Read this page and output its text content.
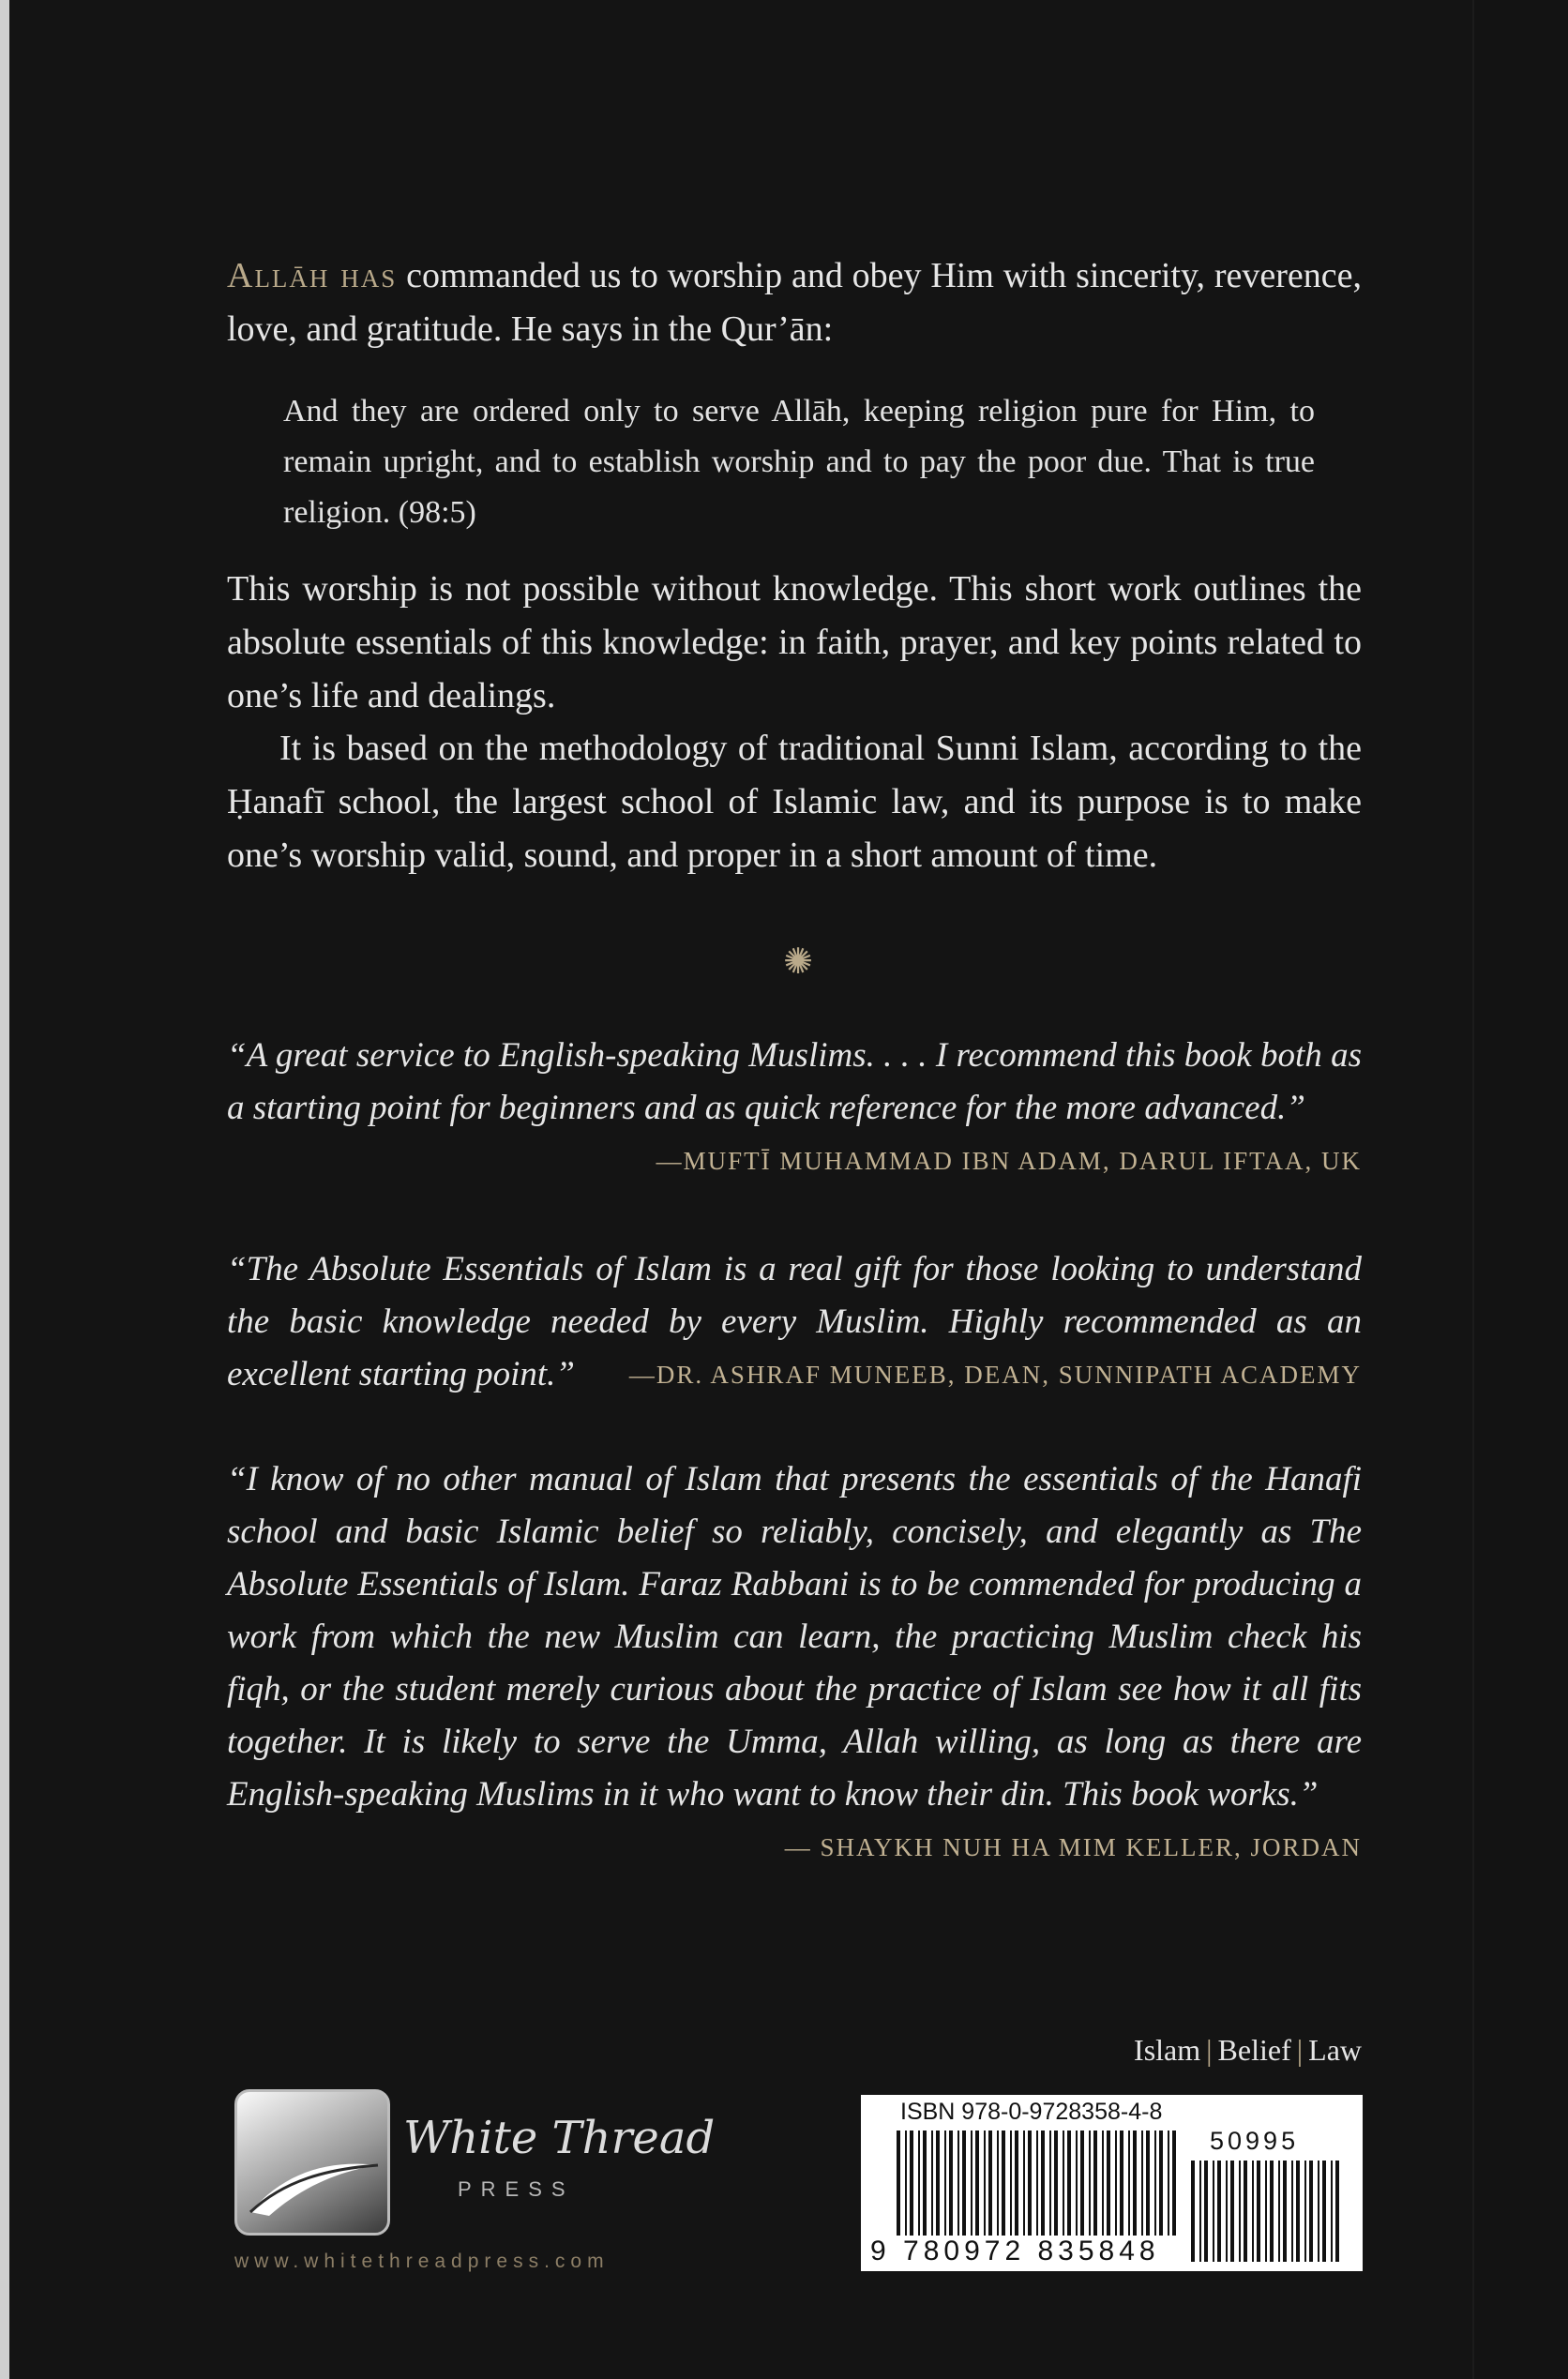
Allāh has commanded us to worship and obey Him with sincerity, reverence, love, and gratitude. He says in the Qur’ān:
And they are ordered only to serve Allāh, keeping religion pure for Him, to remain upright, and to establish worship and to pay the poor due. That is true religion. (98:5)
This worship is not possible without knowledge. This short work outlines the absolute essentials of this knowledge: in faith, prayer, and key points related to one’s life and dealings.
It is based on the methodology of traditional Sunni Islam, according to the Ḥanafī school, the largest school of Islamic law, and its purpose is to make one’s worship valid, sound, and proper in a short amount of time.
✺
“A great service to English-speaking Muslims. . . . I recommend this book both as a starting point for beginners and as quick reference for the more advanced.”
—MUFTĪ MUHAMMAD IBN ADAM, DARUL IFTAA, UK
“The Absolute Essentials of Islam is a real gift for those looking to understand the basic knowledge needed by every Muslim. Highly recommended as an excellent starting point.” —DR. ASHRAF MUNEEB, DEAN, SUNNIPATH ACADEMY
“I know of no other manual of Islam that presents the essentials of the Hanafi school and basic Islamic belief so reliably, concisely, and elegantly as The Absolute Essentials of Islam. Faraz Rabbani is to be commended for producing a work from which the new Muslim can learn, the practicing Muslim check his fiqh, or the student merely curious about the practice of Islam see how it all fits together. It is likely to serve the Umma, Allah willing, as long as there are English-speaking Muslims in it who want to know their din. This book works.”
— SHAYKH NUH HA MIM KELLER, JORDAN
Islam | Belief | Law
White Thread
PRESS
www.whitethreadpress.com
ISBN 978-0-9728358-4-8
50995
9 780972 835848
